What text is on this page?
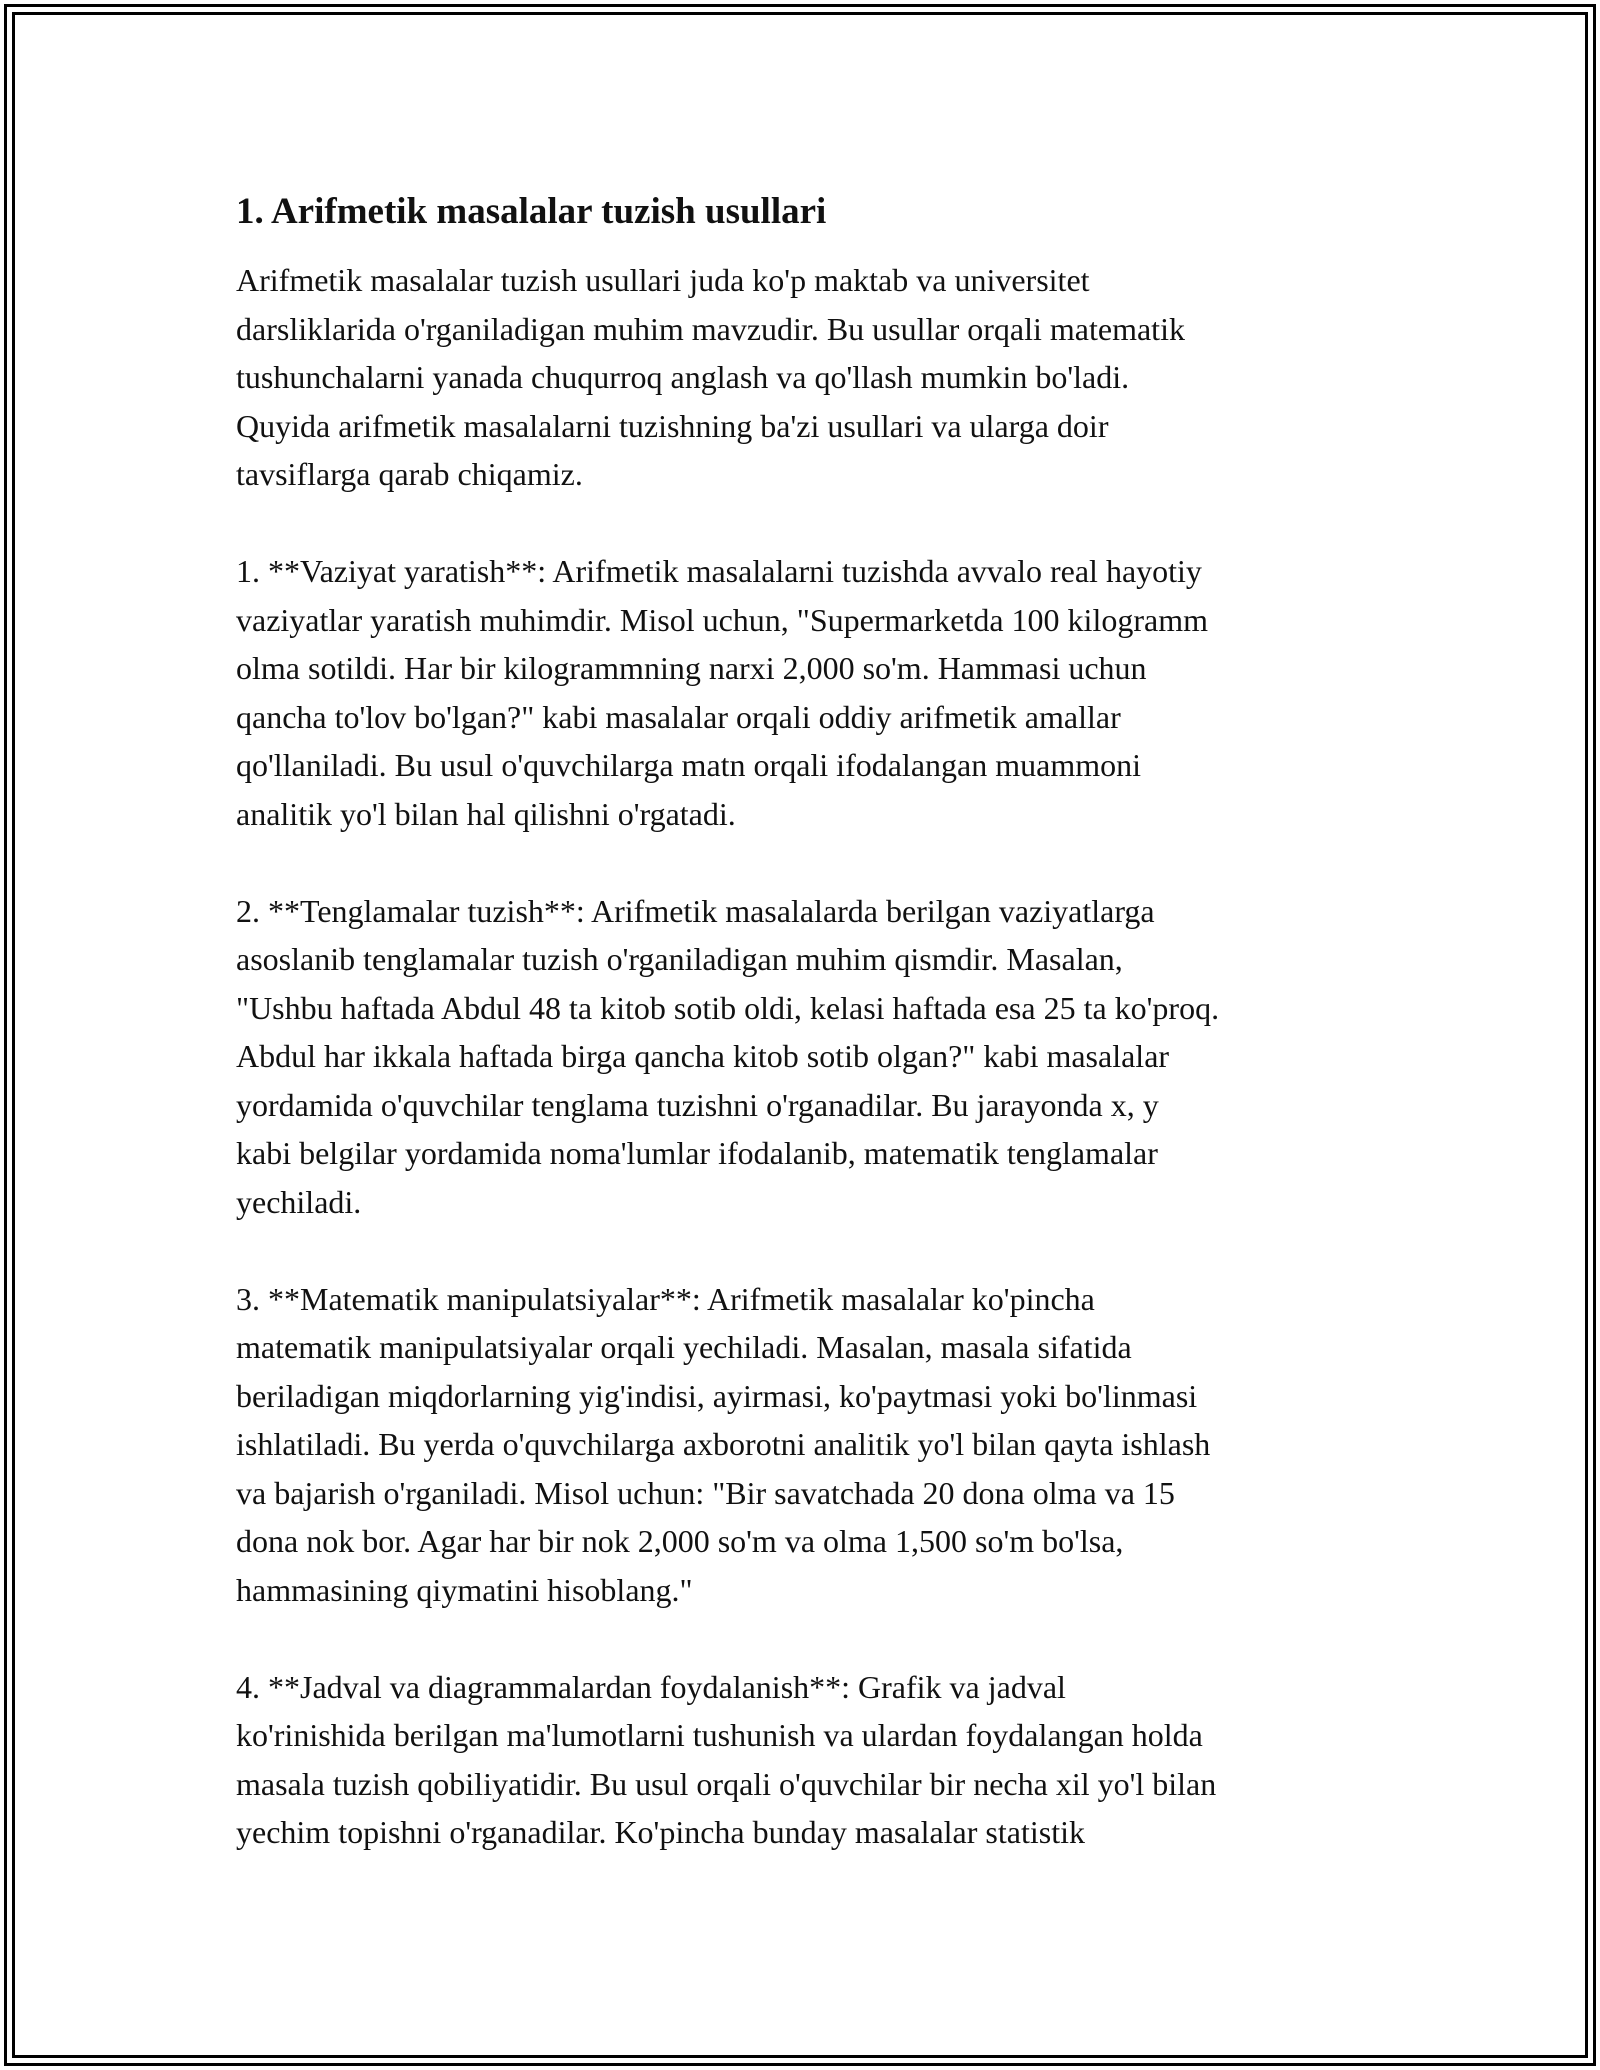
1. Arifmetik masalalar tuzish usullari
Arifmetik masalalar tuzish usullari juda ko'p maktab va universitet
darsliklarida o'rganiladigan muhim mavzudir. Bu usullar orqali matematik
tushunchalarni yanada chuqurroq anglash va qo'llash mumkin bo'ladi.
Quyida arifmetik masalalarni tuzishning ba'zi usullari va ularga doir
tavsiflarga qarab chiqamiz.
1. **Vaziyat yaratish**: Arifmetik masalalarni tuzishda avvalo real hayotiy
vaziyatlar yaratish muhimdir. Misol uchun, "Supermarketda 100 kilogramm
olma sotildi. Har bir kilogrammning narxi 2,000 so'm. Hammasi uchun
qancha to'lov bo'lgan?" kabi masalalar orqali oddiy arifmetik amallar
qo'llaniladi. Bu usul o'quvchilarga matn orqali ifodalangan muammoni
analitik yo'l bilan hal qilishni o'rgatadi.
2. **Tenglamalar tuzish**: Arifmetik masalalarda berilgan vaziyatlarga
asoslanib tenglamalar tuzish o'rganiladigan muhim qismdir. Masalan,
"Ushbu haftada Abdul 48 ta kitob sotib oldi, kelasi haftada esa 25 ta ko'proq.
Abdul har ikkala haftada birga qancha kitob sotib olgan?" kabi masalalar
yordamida o'quvchilar tenglama tuzishni o'rganadilar. Bu jarayonda x, y
kabi belgilar yordamida noma'lumlar ifodalanib, matematik tenglamalar
yechiladi.
3. **Matematik manipulatsiyalar**: Arifmetik masalalar ko'pincha
matematik manipulatsiyalar orqali yechiladi. Masalan, masala sifatida
beriladigan miqdorlarning yig'indisi, ayirmasi, ko'paytmasi yoki bo'linmasi
ishlatiladi. Bu yerda o'quvchilarga axborotni analitik yo'l bilan qayta ishlash
va bajarish o'rganiladi. Misol uchun: "Bir savatchada 20 dona olma va 15
dona nok bor. Agar har bir nok 2,000 so'm va olma 1,500 so'm bo'lsa,
hammasining qiymatini hisoblang."
4. **Jadval va diagrammalardan foydalanish**: Grafik va jadval
ko'rinishida berilgan ma'lumotlarni tushunish va ulardan foydalangan holda
masala tuzish qobiliyatidir. Bu usul orqali o'quvchilar bir necha xil yo'l bilan
yechim topishni o'rganadilar. Ko'pincha bunday masalalar statistik
